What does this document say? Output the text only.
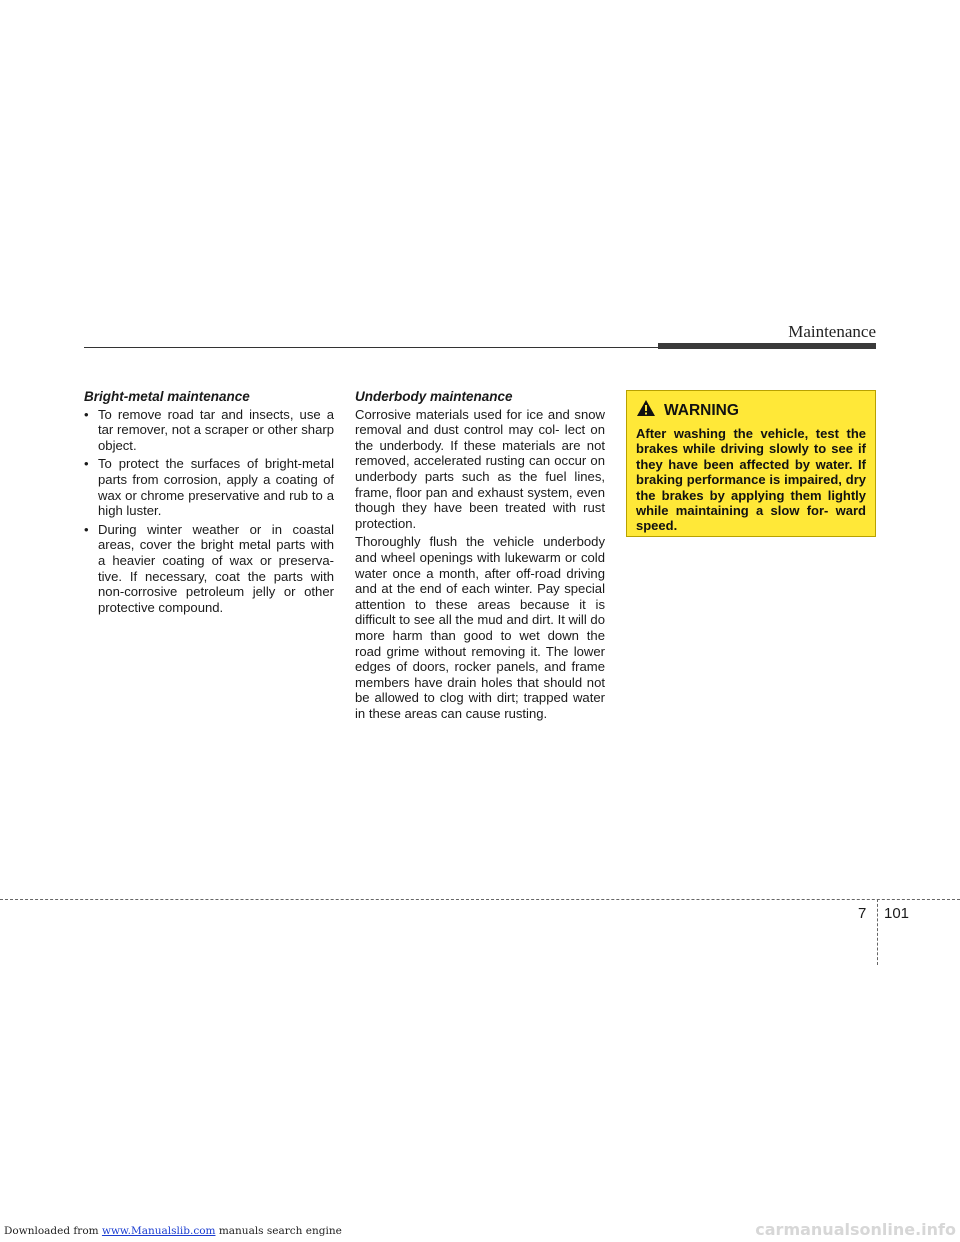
Maintenance
Bright-metal maintenance
• To remove road tar and insects, use a tar remover, not a scraper or other sharp object.
• To protect the surfaces of bright-metal parts from corrosion, apply a coating of wax or chrome preservative and rub to a high luster.
• During winter weather or in coastal areas, cover the bright metal parts with a heavier coating of wax or preserva- tive. If necessary, coat the parts with non-corrosive petroleum jelly or other protective compound.
Underbody maintenance

Corrosive materials used for ice and snow removal and dust control may col- lect on the underbody. If these materials are not removed, accelerated rusting can occur on underbody parts such as the fuel lines, frame, floor pan and exhaust system, even though they have been treated with rust protection.

Thoroughly flush the vehicle underbody and wheel openings with lukewarm or cold water once a month, after off-road driving and at the end of each winter. Pay special attention to these areas because it is difficult to see all the mud and dirt. It will do more harm than good to wet down the road grime without removing it. The lower edges of doors, rocker panels, and frame members have drain holes that should not be allowed to clog with dirt; trapped water in these areas can cause rusting.

WARNING
After washing the vehicle, test the brakes while driving slowly to see if they have been affected by water. If braking performance is impaired, dry the brakes by applying them lightly while maintaining a slow for- ward speed.
7 101
Downloaded from www.Manualslib.com manuals search engine	carmanualsonline.info
